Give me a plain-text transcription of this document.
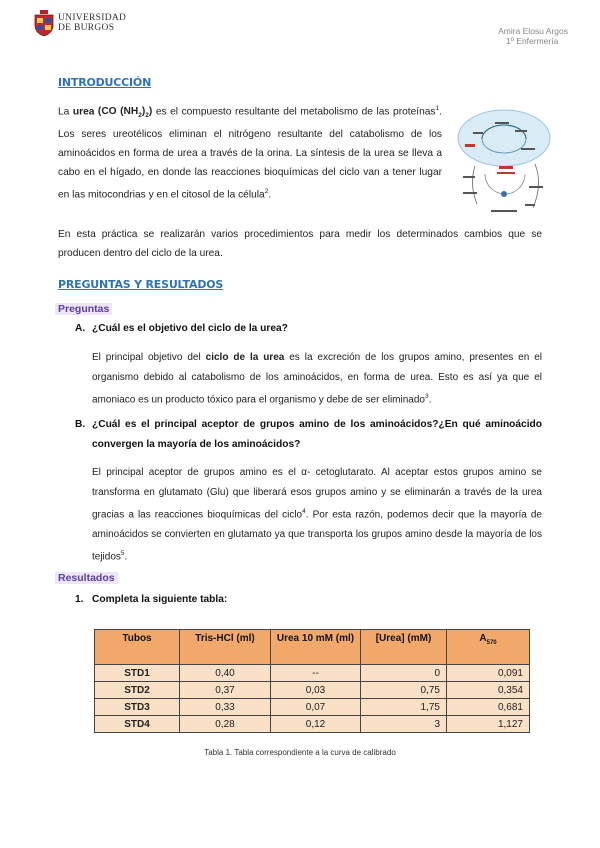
UNIVERSIDAD
DE BURGOS	Amira Elosu Argos
1º Enfermería
INTRODUCCIÓN
La urea (CO $(NH_2)_2$) es el compuesto resultante del metabolismo de las proteínas$^1$. Los seres ureotélicos eliminan el nitrógeno resultante del catabolismo de los aminoácidos en forma de urea a través de la orina. La síntesis de la urea se lleva a cabo en el hígado, en donde las reacciones bioquímicas del ciclo van a tener lugar en las mitocondrias y en el citosol de la célula$^2$.
En esta práctica se realizarán varios procedimientos para medir los determinados cambios que se producen dentro del ciclo de la urea.
PREGUNTAS Y RESULTADOS
Preguntas
A. ¿Cuál es el objetivo del ciclo de la urea?
El principal objetivo del ciclo de la urea es la excreción de los grupos amino, presentes en el organismo debido al catabolismo de los aminoácidos, en forma de urea. Esto es así ya que el amoniaco es un producto tóxico para el organismo y debe de ser eliminado$^3$.
B. ¿Cuál es el principal aceptor de grupos amino de los aminoácidos?¿En qué aminoácido convergen la mayoría de los aminoácidos?
El principal aceptor de grupos amino es el α- cetoglutarato. Al aceptar estos grupos amino se transforma en glutamato (Glu) que liberará esos grupos amino y se eliminarán a través de la urea gracias a las reacciones bioquímicas del ciclo$^4$. Por esta razón, podemos decir que la mayoría de aminoácidos se convierten en glutamato ya que transporta los grupos amino desde la mayoría de los tejidos$^5$.
Resultados
1. Completa la siguiente tabla:
Tubos	Tris-HCl (ml)	Urea 10 mM (ml)	[Urea] (mM)	$A_{570}$
STD1	0,40	--	0	0,091
STD2	0,37	0,03	0,75	0,354
STD3	0,33	0,07	1,75	0,681
STD4	0,28	0,12	3	1,127
Tabla 1. Tabla correspondiente a la curva de calibrado
